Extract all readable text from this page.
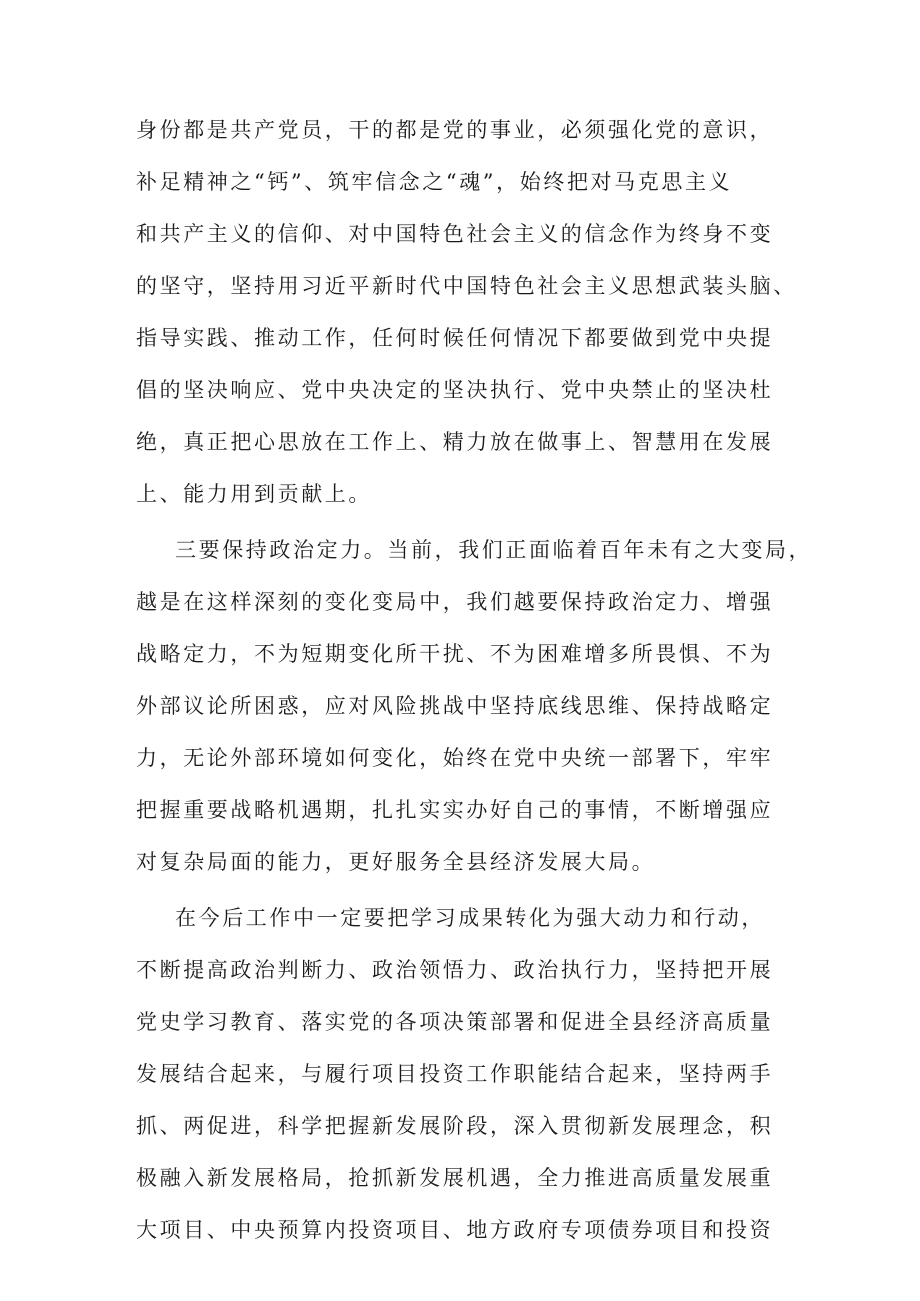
身份都是共产党员，干的都是党的事业，必须强化党的意识，
补足精神之“钙”、筑牢信念之“魂”，始终把对马克思主义
和共产主义的信仰、对中国特色社会主义的信念作为终身不变
的坚守，坚持用习近平新时代中国特色社会主义思想武装头脑、
指导实践、推动工作，任何时候任何情况下都要做到党中央提
倡的坚决响应、党中央决定的坚决执行、党中央禁止的坚决杜
绝，真正把心思放在工作上、精力放在做事上、智慧用在发展
上、能力用到贡献上。
三要保持政治定力。当前，我们正面临着百年未有之大变局，
越是在这样深刻的变化变局中，我们越要保持政治定力、增强
战略定力，不为短期变化所干扰、不为困难增多所畏惧、不为
外部议论所困惑，应对风险挑战中坚持底线思维、保持战略定
力，无论外部环境如何变化，始终在党中央统一部署下，牢牢
把握重要战略机遇期，扎扎实实办好自己的事情，不断增强应
对复杂局面的能力，更好服务全县经济发展大局。
在今后工作中一定要把学习成果转化为强大动力和行动，
不断提高政治判断力、政治领悟力、政治执行力，坚持把开展
党史学习教育、落实党的各项决策部署和促进全县经济高质量
发展结合起来，与履行项目投资工作职能结合起来，坚持两手
抓、两促进，科学把握新发展阶段，深入贯彻新发展理念，积
极融入新发展格局，抢抓新发展机遇，全力推进高质量发展重
大项目、中央预算内投资项目、地方政府专项债券项目和投资
